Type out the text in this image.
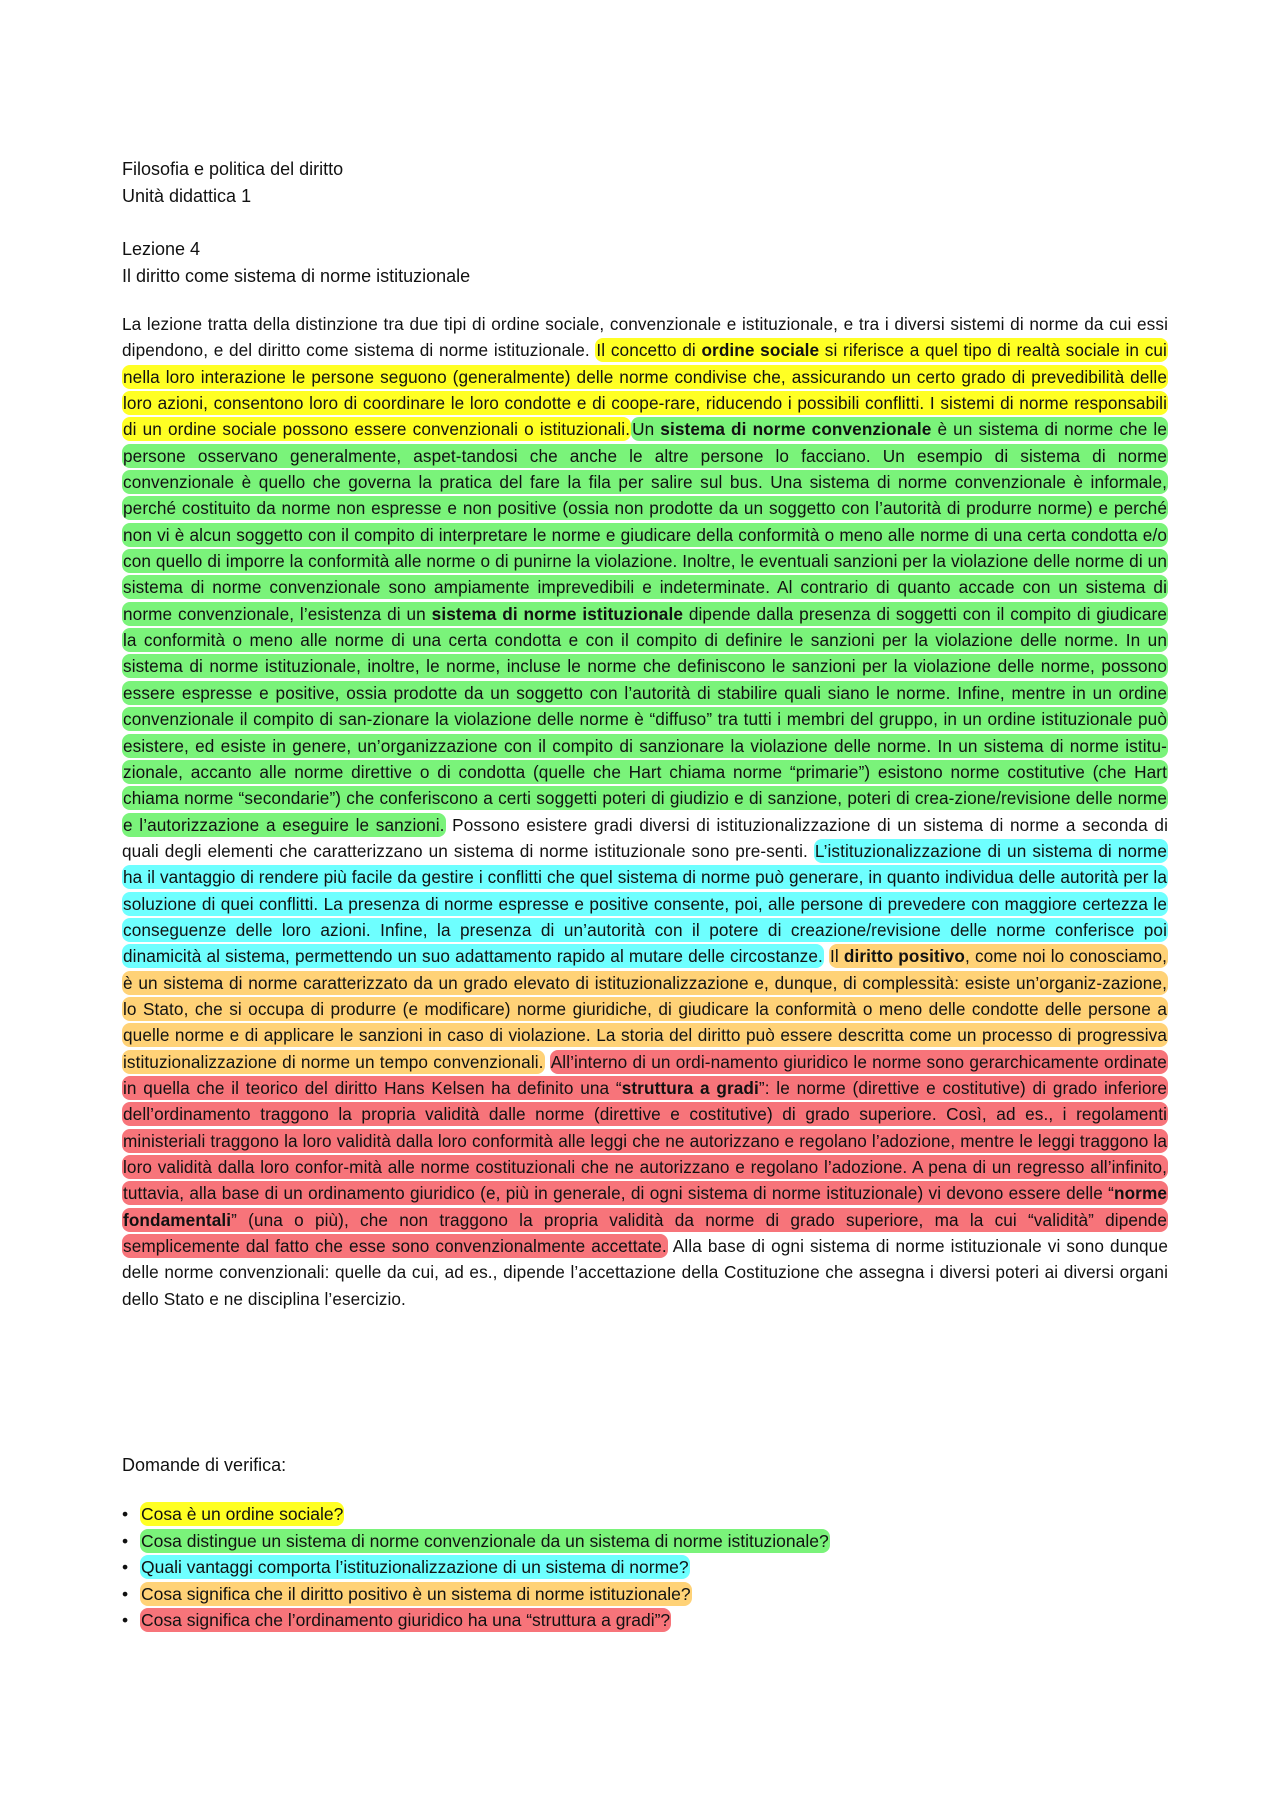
Filosofia e politica del diritto
Unità didattica 1
Lezione 4
Il diritto come sistema di norme istituzionale
La lezione tratta della distinzione tra due tipi di ordine sociale, convenzionale e istituzionale, e tra i diversi sistemi di norme da cui essi dipendono, e del diritto come sistema di norme istituzionale. Il concetto di ordine sociale si riferisce a quel tipo di realtà sociale in cui nella loro interazione le persone seguono (generalmente) delle norme condivise che, assicurando un certo grado di prevedibilità delle loro azioni, consentono loro di coordinare le loro condotte e di coope-rare, riducendo i possibili conflitti. I sistemi di norme responsabili di un ordine sociale possono essere convenzionali o istituzionali. Un sistema di norme convenzionale è un sistema di norme che le persone osservano generalmente, aspet-tandosi che anche le altre persone lo facciano. Un esempio di sistema di norme convenzionale è quello che governa la pratica del fare la fila per salire sul bus. Una sistema di norme convenzionale è informale, perché costituito da norme non espresse e non positive (ossia non prodotte da un soggetto con l’autorità di produrre norme) e perché non vi è alcun soggetto con il compito di interpretare le norme e giudicare della conformità o meno alle norme di una certa condotta e/o con quello di imporre la conformità alle norme o di punirne la violazione. Inoltre, le eventuali sanzioni per la violazione delle norme di un sistema di norme convenzionale sono ampiamente imprevedibili e indeterminate. Al contrario di quanto accade con un sistema di norme convenzionale, l’esistenza di un sistema di norme istituzionale dipende dalla presenza di soggetti con il compito di giudicare la conformità o meno alle norme di una certa condotta e con il compito di definire le sanzioni per la violazione delle norme. In un sistema di norme istituzionale, inoltre, le norme, incluse le norme che definiscono le sanzioni per la violazione delle norme, possono essere espresse e positive, ossia prodotte da un soggetto con l’autorità di stabilire quali siano le norme. Infine, mentre in un ordine convenzionale il compito di san-zionare la violazione delle norme è “diffuso” tra tutti i membri del gruppo, in un ordine istituzionale può esistere, ed esiste in genere, un’organizzazione con il compito di sanzionare la violazione delle norme. In un sistema di norme istitu-zionale, accanto alle norme direttive o di condotta (quelle che Hart chiama norme “primarie”) esistono norme costitutive (che Hart chiama norme “secondarie”) che conferiscono a certi soggetti poteri di giudizio e di sanzione, poteri di crea-zione/revisione delle norme e l’autorizzazione a eseguire le sanzioni. Possono esistere gradi diversi di istituzionalizzazione di un sistema di norme a seconda di quali degli elementi che caratterizzano un sistema di norme istituzionale sono pre-senti. L’istituzionalizzazione di un sistema di norme ha il vantaggio di rendere più facile da gestire i conflitti che quel sistema di norme può generare, in quanto individua delle autorità per la soluzione di quei conflitti. La presenza di norme espresse e positive consente, poi, alle persone di prevedere con maggiore certezza le conseguenze delle loro azioni. Infine, la presenza di un’autorità con il potere di creazione/revisione delle norme conferisce poi dinamicità al sistema, permettendo un suo adattamento rapido al mutare delle circostanze. Il diritto positivo, come noi lo conosciamo, è un sistema di norme caratterizzato da un grado elevato di istituzionalizzazione e, dunque, di complessità: esiste un’organiz-zazione, lo Stato, che si occupa di produrre (e modificare) norme giuridiche, di giudicare la conformità o meno delle condotte delle persone a quelle norme e di applicare le sanzioni in caso di violazione. La storia del diritto può essere descritta come un processo di progressiva istituzionalizzazione di norme un tempo convenzionali. All’interno di un ordi-namento giuridico le norme sono gerarchicamente ordinate in quella che il teorico del diritto Hans Kelsen ha definito una “struttura a gradi”: le norme (direttive e costitutive) di grado inferiore dell’ordinamento traggono la propria validità dalle norme (direttive e costitutive) di grado superiore. Così, ad es., i regolamenti ministeriali traggono la loro validità dalla loro conformità alle leggi che ne autorizzano e regolano l’adozione, mentre le leggi traggono la loro validità dalla loro confor-mità alle norme costituzionali che ne autorizzano e regolano l’adozione. A pena di un regresso all’infinito, tuttavia, alla base di un ordinamento giuridico (e, più in generale, di ogni sistema di norme istituzionale) vi devono essere delle “norme fondamentali” (una o più), che non traggono la propria validità da norme di grado superiore, ma la cui “validità” dipende semplicemente dal fatto che esse sono convenzionalmente accettate. Alla base di ogni sistema di norme istituzionale vi sono dunque delle norme convenzionali: quelle da cui, ad es., dipende l’accettazione della Costituzione che assegna i diversi poteri ai diversi organi dello Stato e ne disciplina l’esercizio.
Domande di verifica:
• Cosa è un ordine sociale?
• Cosa distingue un sistema di norme convenzionale da un sistema di norme istituzionale?
• Quali vantaggi comporta l’istituzionalizzazione di un sistema di norme?
• Cosa significa che il diritto positivo è un sistema di norme istituzionale?
• Cosa significa che l’ordinamento giuridico ha una “struttura a gradi”?
